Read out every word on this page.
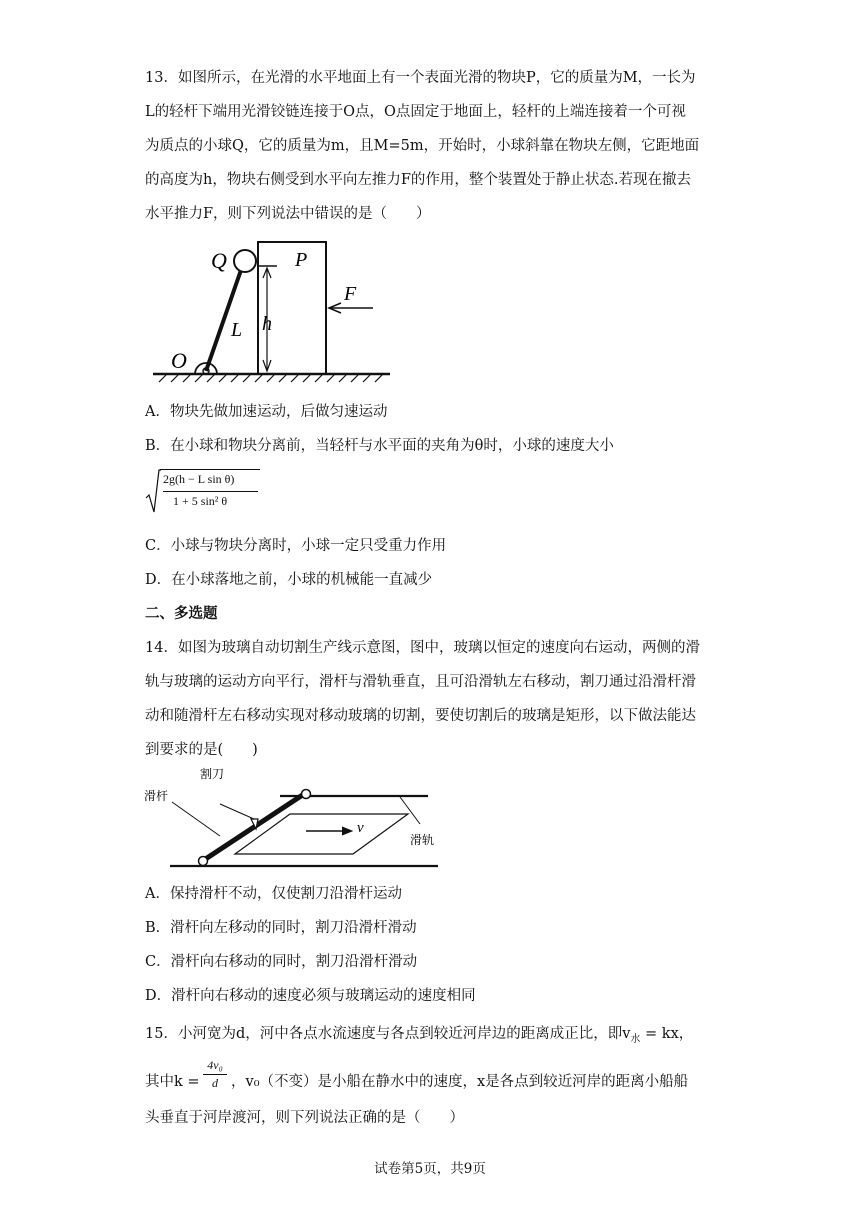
13．如图所示，在光滑的水平地面上有一个表面光滑的物块P，它的质量为M，一长为
L的轻杆下端用光滑铰链连接于O点，O点固定于地面上，轻杆的上端连接着一个可视
为质点的小球Q，它的质量为m，且M=5m，开始时，小球斜靠在物块左侧，它距地面
的高度为h，物块右侧受到水平向左推力F的作用，整个装置处于静止状态.若现在撤去
水平推力F，则下列说法中错误的是（　　）
Q	P
F
L h
O
A．物块先做加速运动，后做匀速运动
B．在小球和物块分离前，当轻杆与水平面的夹角为θ时，小球的速度大小
2g(h − L sin θ)
1 + 5 sin² θ
C．小球与物块分离时，小球一定只受重力作用
D．在小球落地之前，小球的机械能一直减少
二、多选题
14．如图为玻璃自动切割生产线示意图，图中，玻璃以恒定的速度向右运动，两侧的滑
轨与玻璃的运动方向平行，滑杆与滑轨垂直，且可沿滑轨左右移动，割刀通过沿滑杆滑
动和随滑杆左右移动实现对移动玻璃的切割，要使切割后的玻璃是矩形，以下做法能达
到要求的是(　　)
割刀
滑杆
滑轨
v
A．保持滑杆不动，仅使割刀沿滑杆运动
B．滑杆向左移动的同时，割刀沿滑杆滑动
C．滑杆向右移动的同时，割刀沿滑杆滑动
D．滑杆向右移动的速度必须与玻璃运动的速度相同
15．小河宽为d，河中各点水流速度与各点到较近河岸边的距离成正比，即$v_水$ = kx，
其中k =
4v₀
d ，v₀（不变）是小船在静水中的速度，x是各点到较近河岸的距离小船船
头垂直于河岸渡河，则下列说法正确的是（　　）
试卷第5页，共9页
